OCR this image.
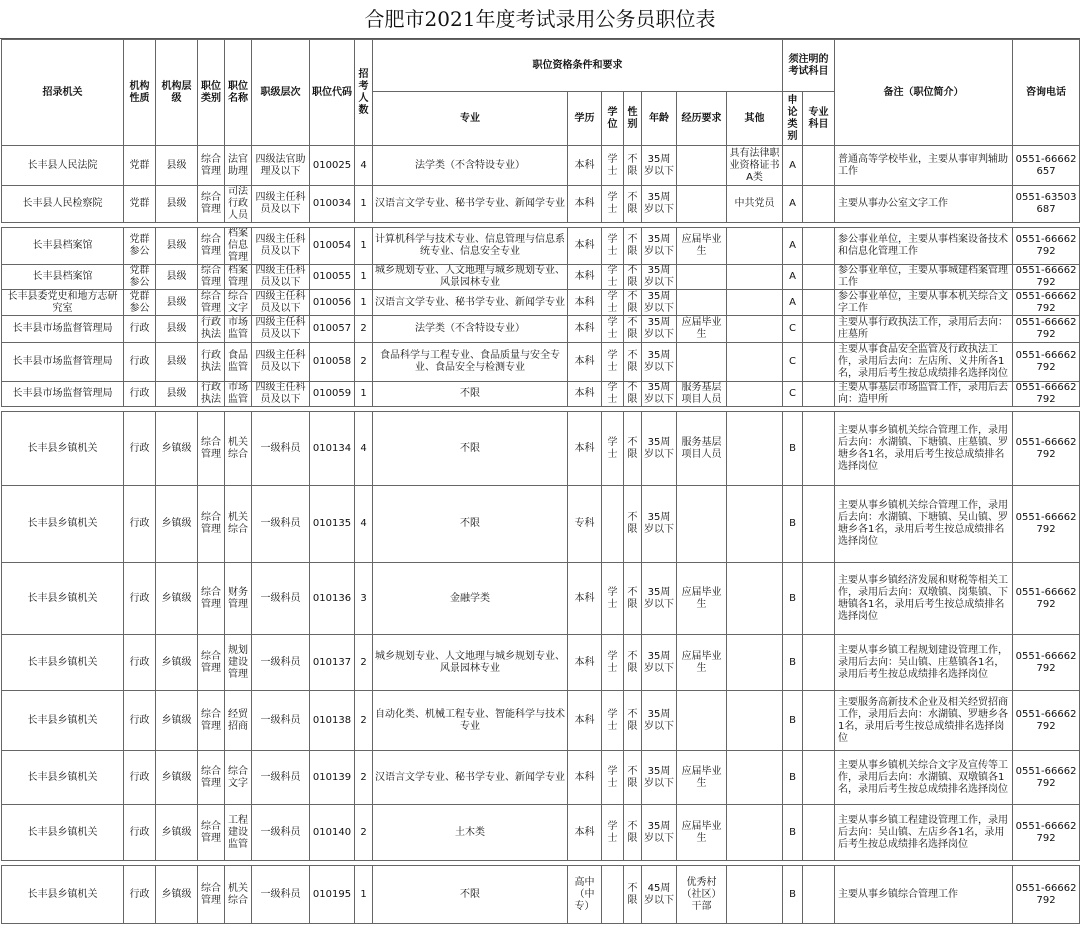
合肥市2021年度考试录用公务员职位表
招录机关	机构性质	机构层级	职位类别	职位名称	职级层次	职位代码	招考人数	职位资格条件和要求							须注明的考试科目		备注（职位简介）	咨询电话
								专业	学历	学位	性别	年龄	经历要求	其他	申论类别	专业科目		
长丰县人民法院	党群	县级	综合管理	法官助理	四级法官助理及以下	010025	4	法学类（不含特设专业）	本科	学士	不限	35周岁以下		具有法律职业资格证书A类	A		普通高等学校毕业，主要从事审判辅助工作	0551-66662657
长丰县人民检察院	党群	县级	综合管理	司法行政人员	四级主任科员及以下	010034	1	汉语言文学专业、秘书学专业、新闻学专业	本科	学士	不限	35周岁以下		中共党员	A		主要从事办公室文字工作	0551-63503687

长丰县档案馆	党群参公	县级	综合管理	档案信息管理	四级主任科员及以下	010054	1	计算机科学与技术专业、信息管理与信息系统专业、信息安全专业	本科	学士	不限	35周岁以下	应届毕业生		A		参公事业单位，主要从事档案设备技术和信息化管理工作	0551-66662792
长丰县档案馆	党群参公	县级	综合管理	档案管理	四级主任科员及以下	010055	1	城乡规划专业、人文地理与城乡规划专业、风景园林专业	本科	学士	不限	35周岁以下			A		参公事业单位，主要从事城建档案管理工作	0551-66662792
长丰县委党史和地方志研究室	党群参公	县级	综合管理	综合文字	四级主任科员及以下	010056	1	汉语言文学专业、秘书学专业、新闻学专业	本科	学士	不限	35周岁以下			A		参公事业单位，主要从事本机关综合文字工作	0551-66662792
长丰县市场监督管理局	行政	县级	行政执法	市场监管	四级主任科员及以下	010057	2	法学类（不含特设专业）	本科	学士	不限	35周岁以下	应届毕业生		C		主要从事行政执法工作，录用后去向：庄墓所	0551-66662792
长丰县市场监督管理局	行政	县级	行政执法	食品监管	四级主任科员及以下	010058	2	食品科学与工程专业、食品质量与安全专业、食品安全与检测专业	本科	学士	不限	35周岁以下			C		主要从事食品安全监管及行政执法工作，录用后去向：左店所、义井所各1名，录用后考生按总成绩排名选择岗位	0551-66662792
长丰县市场监督管理局	行政	县级	行政执法	市场监管	四级主任科员及以下	010059	1	不限	本科	学士	不限	35周岁以下	服务基层项目人员		C		主要从事基层市场监管工作，录用后去向：造甲所	0551-66662792

长丰县乡镇机关	行政	乡镇级	综合管理	机关综合	一级科员	010134	4	不限	本科	学士	不限	35周岁以下	服务基层项目人员		B		主要从事乡镇机关综合管理工作，录用后去向：水湖镇、下塘镇、庄墓镇、罗塘乡各1名，录用后考生按总成绩排名选择岗位	0551-66662792
长丰县乡镇机关	行政	乡镇级	综合管理	机关综合	一级科员	010135	4	不限	专科		不限	35周岁以下			B		主要从事乡镇机关综合管理工作，录用后去向：水湖镇、下塘镇、吴山镇、罗塘乡各1名，录用后考生按总成绩排名选择岗位	0551-66662792
长丰县乡镇机关	行政	乡镇级	综合管理	财务管理	一级科员	010136	3	金融学类	本科	学士	不限	35周岁以下	应届毕业生		B		主要从事乡镇经济发展和财税等相关工作，录用后去向：双墩镇、岗集镇、下塘镇各1名，录用后考生按总成绩排名选择岗位	0551-66662792
长丰县乡镇机关	行政	乡镇级	综合管理	规划建设管理	一级科员	010137	2	城乡规划专业、人文地理与城乡规划专业、风景园林专业	本科	学士	不限	35周岁以下	应届毕业生		B		主要从事乡镇工程规划建设管理工作，录用后去向：吴山镇、庄墓镇各1名，录用后考生按总成绩排名选择岗位	0551-66662792
长丰县乡镇机关	行政	乡镇级	综合管理	经贸招商	一级科员	010138	2	自动化类、机械工程专业、智能科学与技术专业	本科	学士	不限	35周岁以下			B		主要服务高新技术企业及相关经贸招商工作，录用后去向：水湖镇、罗塘乡各1名，录用后考生按总成绩排名选择岗位	0551-66662792
长丰县乡镇机关	行政	乡镇级	综合管理	综合文字	一级科员	010139	2	汉语言文学专业、秘书学专业、新闻学专业	本科	学士	不限	35周岁以下	应届毕业生		B		主要从事乡镇机关综合文字及宣传等工作，录用后去向：水湖镇、双墩镇各1名，录用后考生按总成绩排名选择岗位	0551-66662792
长丰县乡镇机关	行政	乡镇级	综合管理	工程建设监管	一级科员	010140	2	土木类	本科	学士	不限	35周岁以下	应届毕业生		B		主要从事乡镇工程建设管理工作，录用后去向：吴山镇、左店乡各1名，录用后考生按总成绩排名选择岗位	0551-66662792

长丰县乡镇机关	行政	乡镇级	综合管理	机关综合	一级科员	010195	1	不限	高中（中专）		不限	45周岁以下	优秀村（社区）干部		B		主要从事乡镇综合管理工作	0551-66662792
